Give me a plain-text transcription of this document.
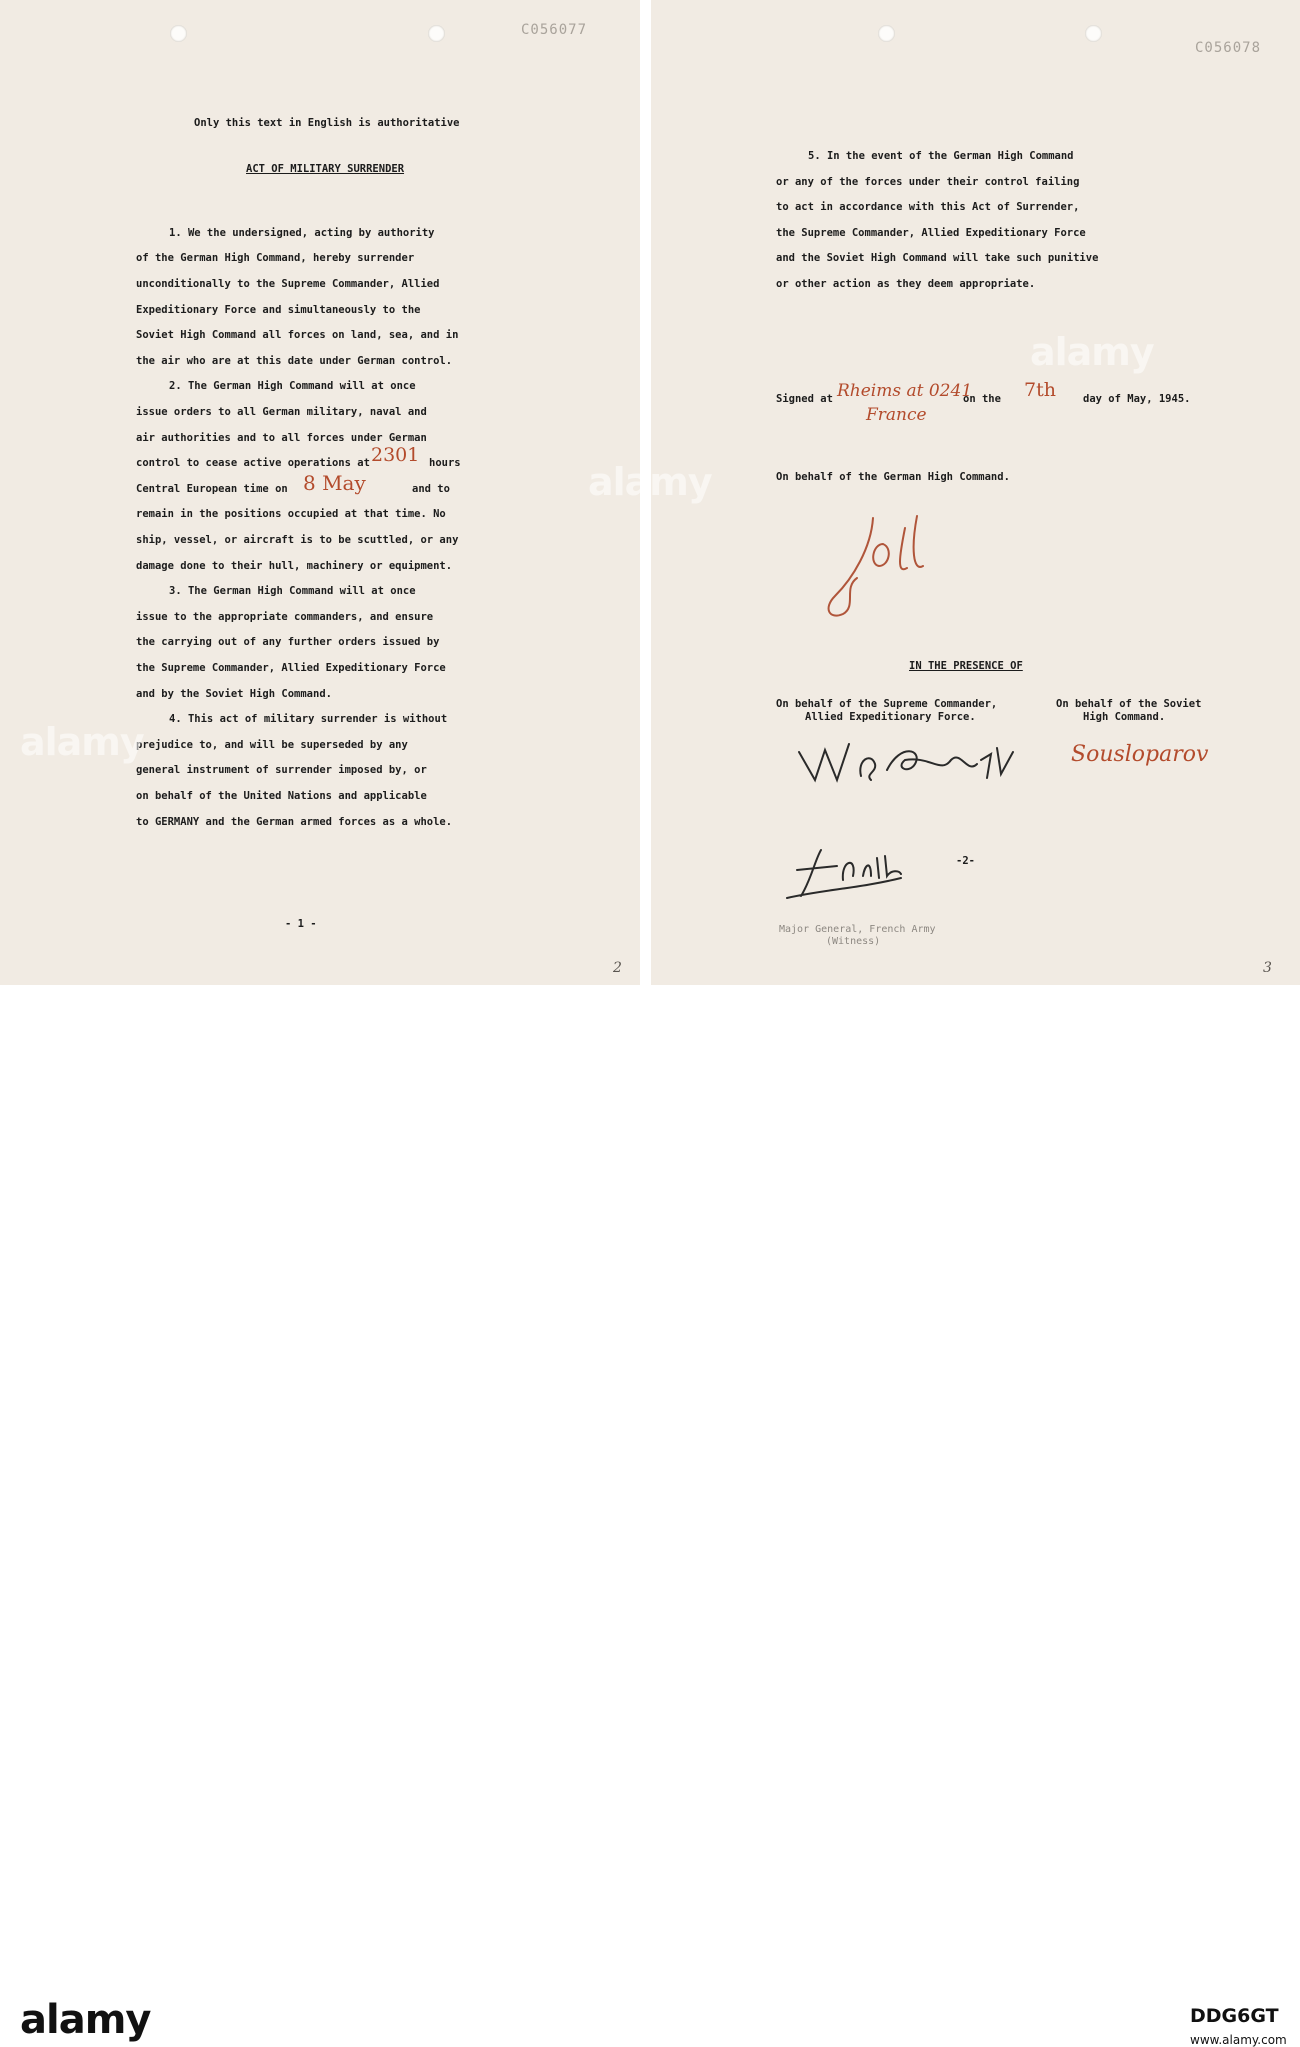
C056077

Only this text in English is authoritative

ACT OF MILITARY SURRENDER

1. We the undersigned, acting by authority

of the German High Command, hereby surrender

unconditionally to the Supreme Commander, Allied

Expeditionary Force and simultaneously to the

Soviet High Command all forces on land, sea, and in

the air who are at this date under German control.

2. The German High Command will at once

issue orders to all German military, naval and

air authorities and to all forces under German

control to cease active operations at

Central European time on

remain in the positions occupied at that time. No

ship, vessel, or aircraft is to be scuttled, or any

damage done to their hull, machinery or equipment.

3. The German High Command will at once

issue to the appropriate commanders, and ensure

the carrying out of any further orders issued by

the Supreme Commander, Allied Expeditionary Force

and by the Soviet High Command.

4. This act of military surrender is without

prejudice to, and will be superseded by any

general instrument of surrender imposed by, or

on behalf of the United Nations and applicable

to GERMANY and the German armed forces as a whole.

hours

and to

2301

8 May

- 1 -

2

C056078

5. In the event of the German High Command

or any of the forces under their control failing

to act in accordance with this Act of Surrender,

the Supreme Commander, Allied Expeditionary Force

and the Soviet High Command will take such punitive

or other action as they deem appropriate.

Signed at Rheims at 0241

France

on the 7th	day of May, 1945.

On behalf of the German High Command.

IN THE PRESENCE OF

On behalf of the Supreme Commander,

Allied Expeditionary Force.

On behalf of the Soviet

High Command.

Sousloparov

-2-

Major General, French Army

(Witness)

3

alamy
alamy
alamy
alamy	DDG6GT
www.alamy.com
